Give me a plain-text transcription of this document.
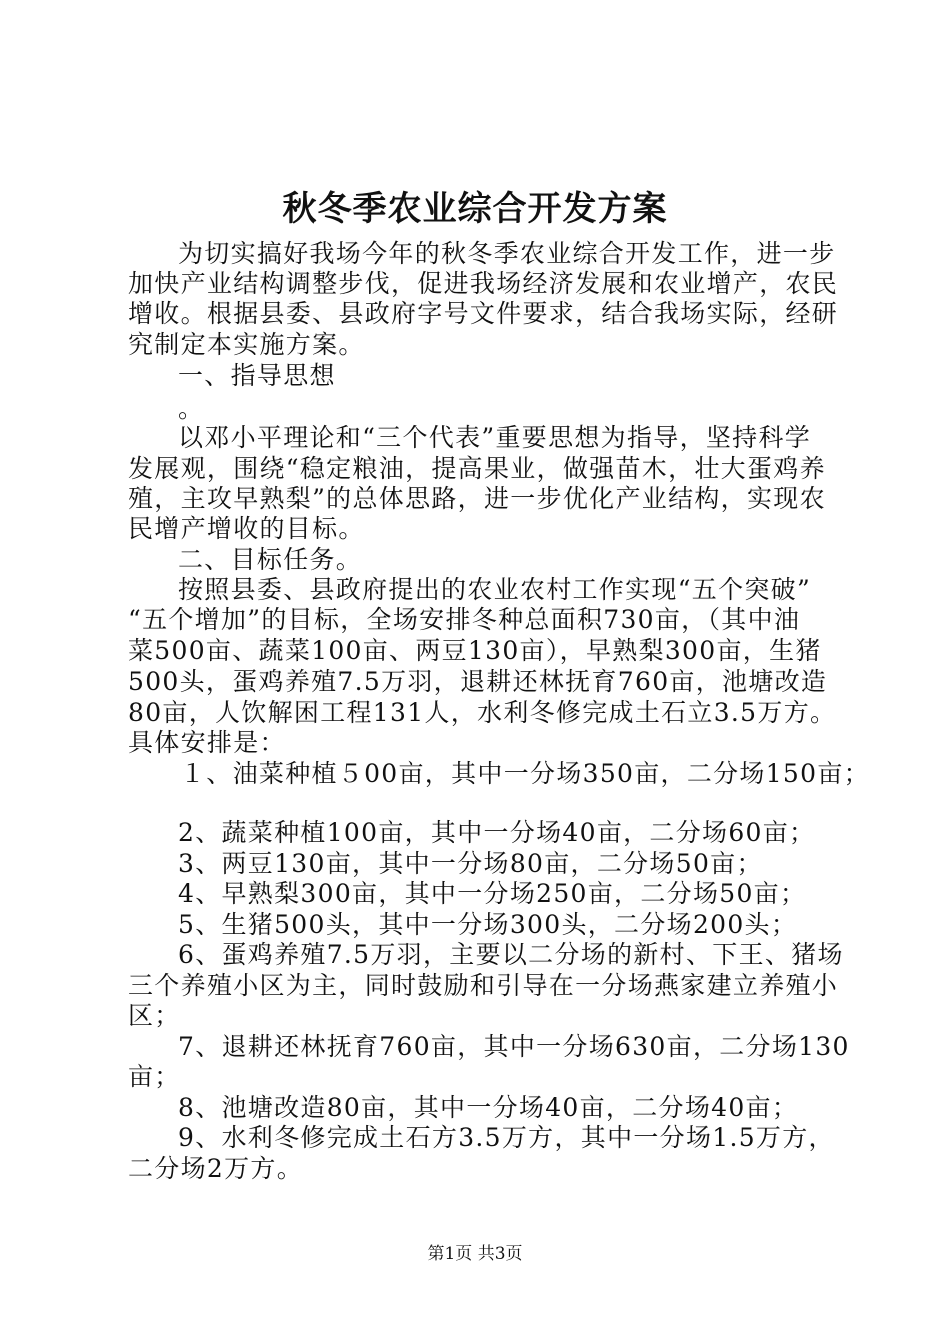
秋冬季农业综合开发方案
为切实搞好我场今年的秋冬季农业综合开发工作，进一步
加快产业结构调整步伐，促进我场经济发展和农业增产，农民
增收。根据县委、县政府字号文件要求，结合我场实际，经研
究制定本实施方案。
一、指导思想
。
以邓小平理论和“三个代表”重要思想为指导，坚持科学
发展观，围绕“稳定粮油，提高果业，做强苗木，壮大蛋鸡养
殖，主攻早熟梨”的总体思路，进一步优化产业结构，实现农
民增产增收的目标。
二、目标任务。
按照县委、县政府提出的农业农村工作实现“五个突破”
“五个增加”的目标，全场安排冬种总面积730亩，（其中油
菜500亩、蔬菜100亩、两豆130亩），早熟梨300亩，生猪
500头，蛋鸡养殖7.5万羽，退耕还林抚育760亩，池塘改造
80亩，人饮解困工程131人，水利冬修完成土石立3.5万方。
具体安排是：
１、油菜种植５00亩，其中一分场350亩，二分场150亩；
2、蔬菜种植100亩，其中一分场40亩，二分场60亩；
3、两豆130亩，其中一分场80亩，二分场50亩；
4、早熟梨300亩，其中一分场250亩，二分场50亩；
5、生猪500头，其中一分场300头，二分场200头；
6、蛋鸡养殖7.5万羽，主要以二分场的新村、下王、猪场
三个养殖小区为主，同时鼓励和引导在一分场燕家建立养殖小
区；
7、退耕还林抚育760亩，其中一分场630亩，二分场130
亩；
8、池塘改造80亩，其中一分场40亩，二分场40亩；
9、水利冬修完成土石方3.5万方，其中一分场1.5万方，
二分场2万方。
第1页 共3页
